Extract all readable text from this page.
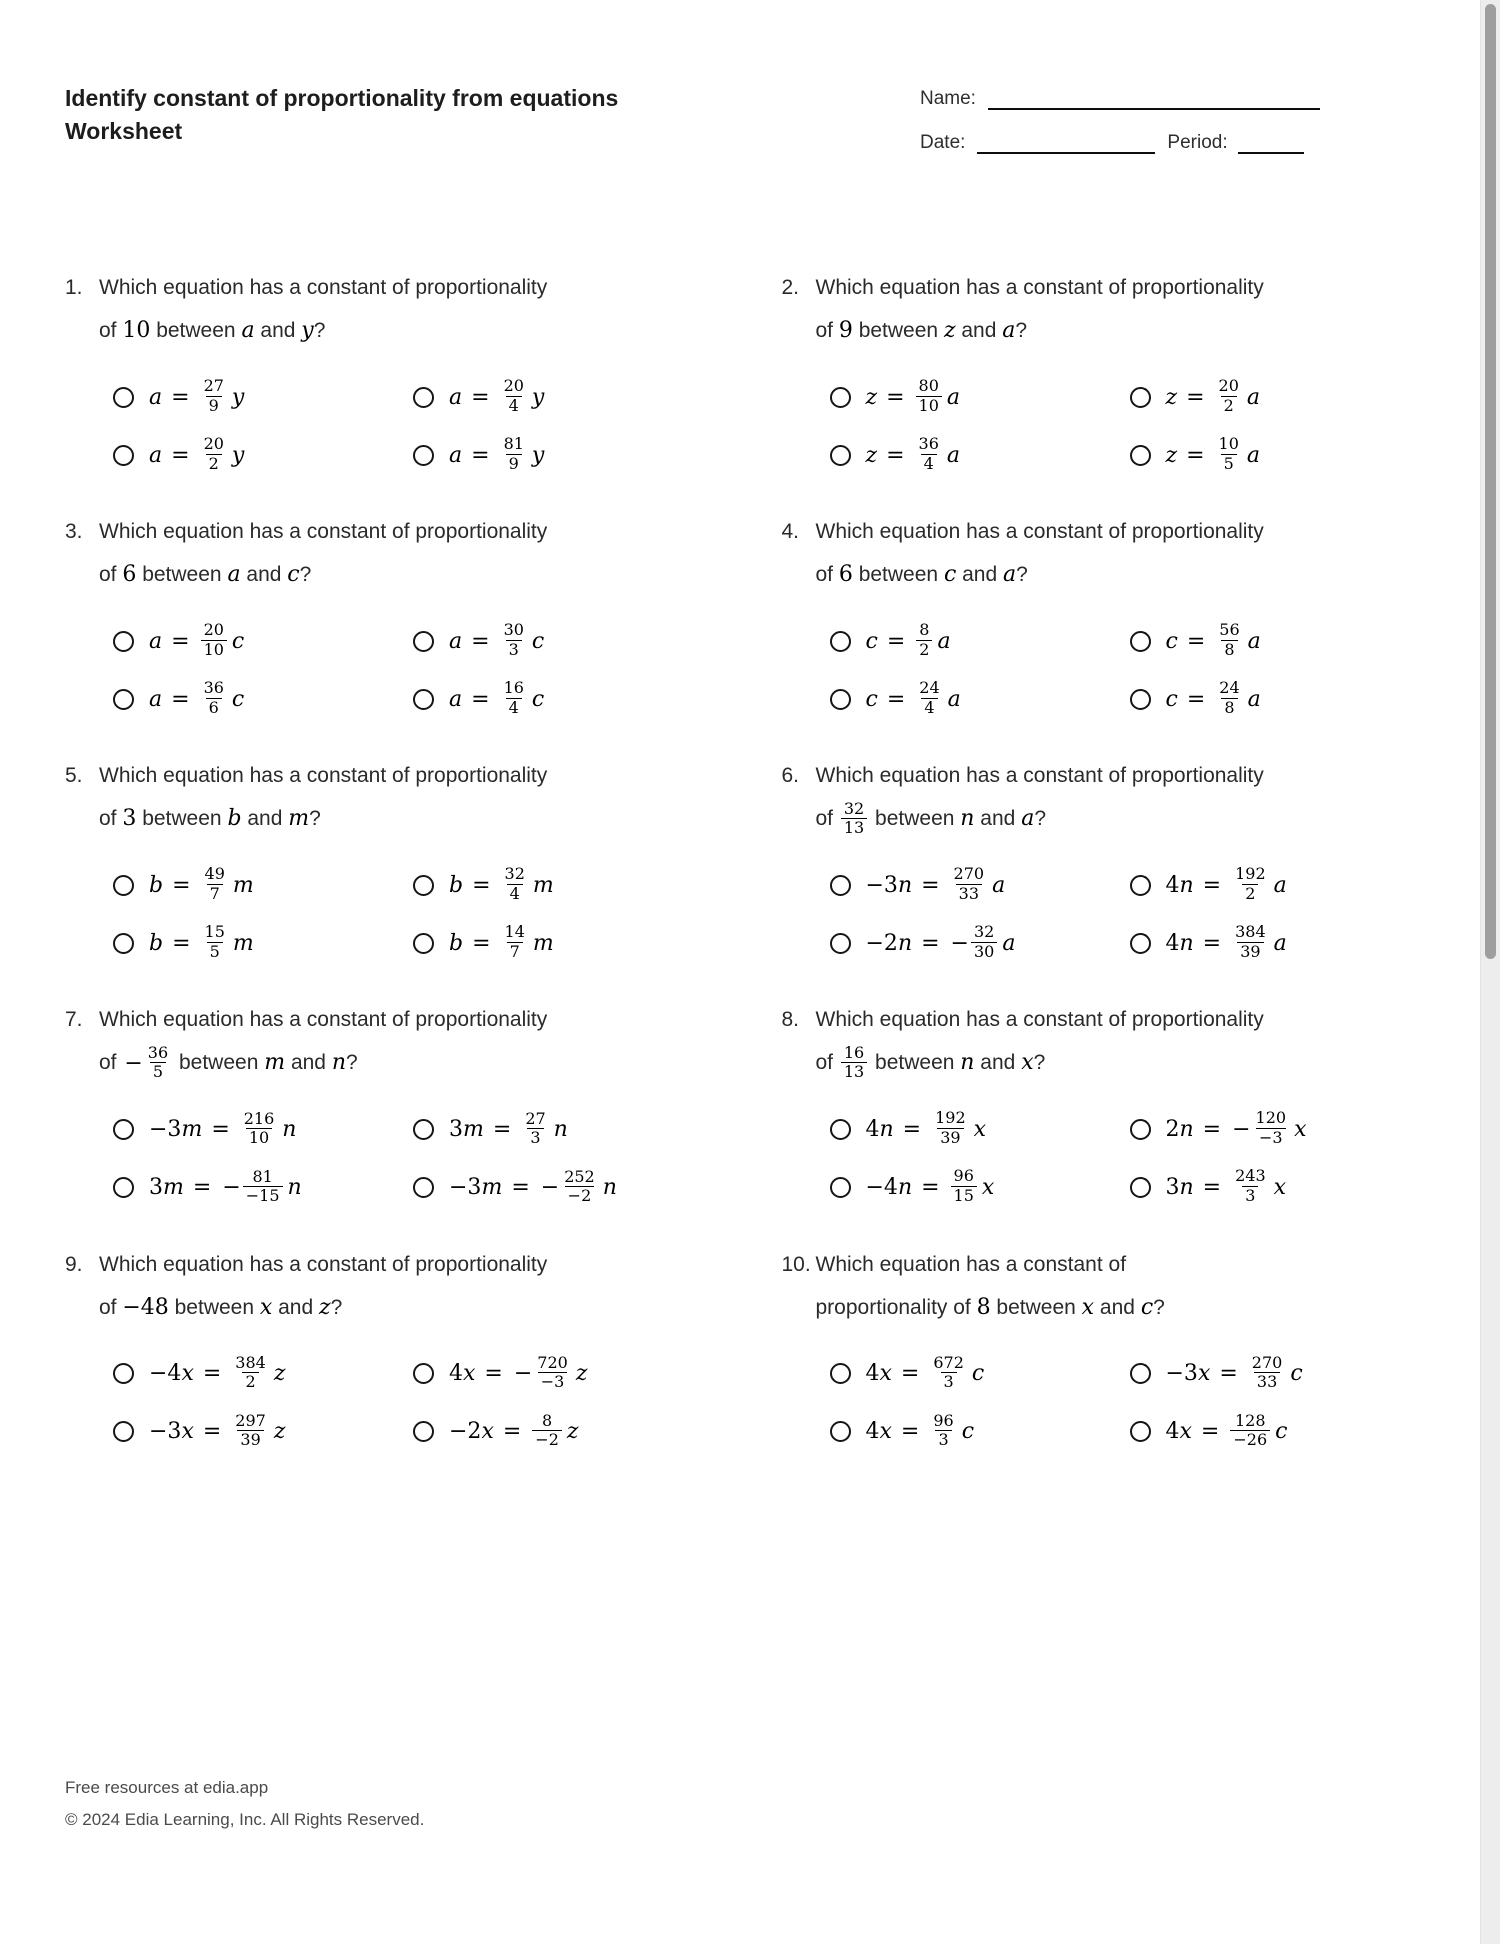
Identify constant of proportionality from equations
Worksheet
Name:
Date:	Period:
1. Which equation has a constant of proportionality
of 10 between a and y?
$a = \frac{27}{9}$ y	$a = \frac{20}{4}$ y
$a = \frac{20}{2}$ y	$a = \frac{81}{9}$ y
2. Which equation has a constant of proportionality
of 9 between z and a?
$z = \frac{80}{10}$ a	$z = \frac{20}{2}$ a
$z = \frac{36}{4}$ a	$z = \frac{10}{5}$ a
3. Which equation has a constant of proportionality
of 6 between a and c?
$a = \frac{20}{10}$ c	$a = \frac{30}{3}$ c
$a = \frac{36}{6}$ c	$a = \frac{16}{4}$ c
4. Which equation has a constant of proportionality
of 6 between c and a?
$c = \frac{8}{2}$ a	$c = \frac{56}{8}$ a
$c = \frac{24}{4}$ a	$c = \frac{24}{8}$ a
5. Which equation has a constant of proportionality
of 3 between b and m?
$b = \frac{49}{7}$ m	$b = \frac{32}{4}$ m
$b = \frac{15}{5}$ m	$b = \frac{14}{7}$ m
6. Which equation has a constant of proportionality
of $\frac{32}{13}$ between n and a?
−3 $n = \frac{270}{33}$ a	4 $n = \frac{192}{2}$ a
−2 n = − $\frac{32}{30}$ a	4 $n = \frac{384}{39}$ a
7. Which equation has a constant of proportionality
of − $\frac{36}{5}$ between m and n?
−3 $m = \frac{216}{10}$ n	3 $m = \frac{27}{3}$ n
3 m = − $\frac{81}{-15}$ n	−3 m = − $\frac{252}{-2}$ n
8. Which equation has a constant of proportionality
of $\frac{16}{13}$ between n and x?
4 $n = \frac{192}{39}$ x	2 n = − $\frac{120}{-3}$ x
−4 $n = \frac{96}{15}$ x	3 $n = \frac{243}{3}$ x
9. Which equation has a constant of proportionality
of −48 between x and z?
−4 $x = \frac{384}{2}$ z	4 x = − $\frac{720}{-3}$ z
−3 $x = \frac{297}{39}$ z	−2 $x = \frac{8}{-2}$ z
10. Which equation has a constant of
proportionality of 8 between x and c?
4 $x = \frac{672}{3}$ c	−3 $x = \frac{270}{33}$ c
4 $x = \frac{96}{3}$ c	4 $x = \frac{128}{-26}$ c
Free resources at edia.app
© 2024 Edia Learning, Inc. All Rights Reserved.
